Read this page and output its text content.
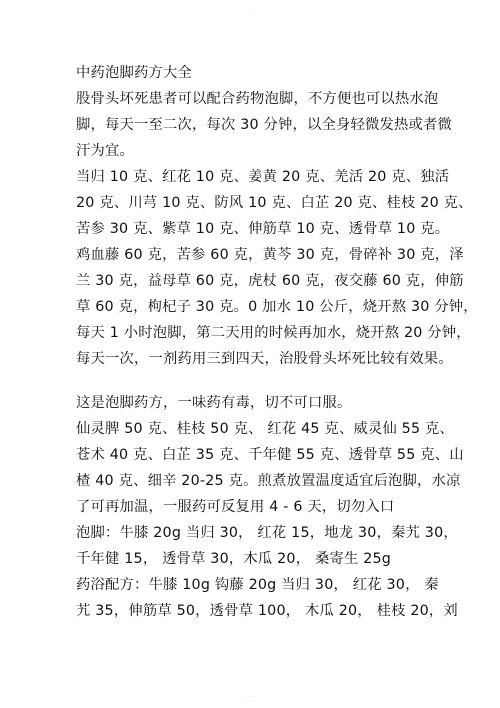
· ·
中药泡脚药方大全
股骨头坏死患者可以配合药物泡脚，不方便也可以热水泡
脚，每天一至二次，每次 30 分钟，以全身轻微发热或者微
汗为宜。
当归 10 克、红花 10 克、姜黄 20 克、羌活 20 克、独活
20 克、川芎 10 克、防风 10 克、白芷 20 克、桂枝 20 克、
苦参 30 克、紫草 10 克、伸筋草 10 克、透骨草 10 克。
鸡血藤 60 克，苦参 60 克，黄芩 30 克，骨碎补 30 克，泽
兰 30 克，益母草 60 克，虎杖 60 克，夜交藤 60 克，伸筋
草 60 克，枸杞子 30 克。0 加水 10 公斤，烧开熬 30 分钟，
每天 1 小时泡脚，第二天用的时候再加水，烧开熬 20 分钟，
每天一次，一剂药用三到四天，治股骨头坏死比较有效果。
这是泡脚药方，一味药有毒，切不可口服。
仙灵脾 50 克、桂枝 50 克、 红花 45 克、威灵仙 55 克、
苍术 40 克、白芷 35 克、千年健 55 克、透骨草 55 克、山
楂 40 克、细辛 20-25 克。煎煮放置温度适宜后泡脚，水凉
了可再加温，一服药可反复用 4 - 6 天，切勿入口
泡脚：牛膝 20g 当归 30， 红花 15，地龙 30，秦艽 30，
千年健 15， 透骨草 30，木瓜 20， 桑寄生 25g
药浴配方：牛膝 10g 钩藤 20g 当归 30， 红花 30， 秦
艽 35，伸筋草 50，透骨草 100， 木瓜 20， 桂枝 20，刘
· · · ·
